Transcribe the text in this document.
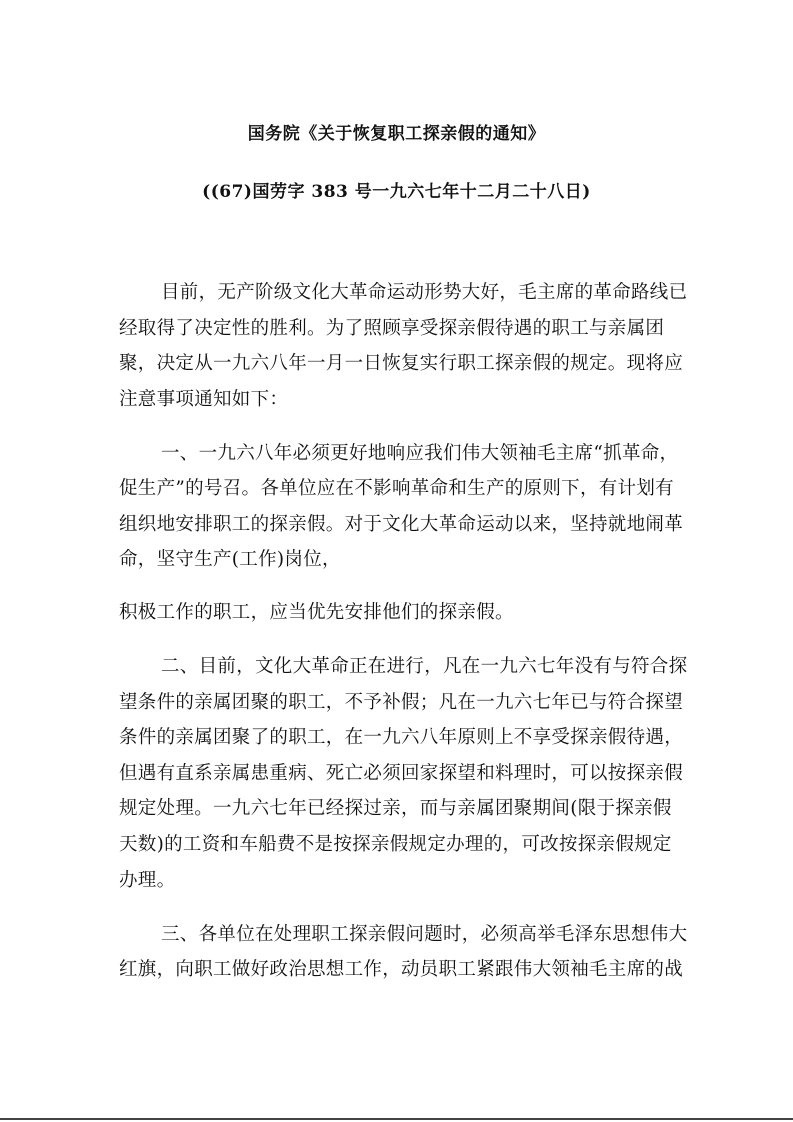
国务院《关于恢复职工探亲假的通知》
((67)国劳字 383 号一九六七年十二月二十八日)
目前，无产阶级文化大革命运动形势大好，毛主席的革命路线已
经取得了决定性的胜利。为了照顾享受探亲假待遇的职工与亲属团
聚，决定从一九六八年一月一日恢复实行职工探亲假的规定。现将应
注意事项通知如下：
一、一九六八年必须更好地响应我们伟大领袖毛主席“抓革命，
促生产”的号召。各单位应在不影响革命和生产的原则下，有计划有
组织地安排职工的探亲假。对于文化大革命运动以来，坚持就地闹革
命，坚守生产(工作)岗位，
积极工作的职工，应当优先安排他们的探亲假。
二、目前，文化大革命正在进行，凡在一九六七年没有与符合探
望条件的亲属团聚的职工，不予补假；凡在一九六七年已与符合探望
条件的亲属团聚了的职工，在一九六八年原则上不享受探亲假待遇，
但遇有直系亲属患重病、死亡必须回家探望和料理时，可以按探亲假
规定处理。一九六七年已经探过亲，而与亲属团聚期间(限于探亲假
天数)的工资和车船费不是按探亲假规定办理的，可改按探亲假规定
办理。
三、各单位在处理职工探亲假问题时，必须高举毛泽东思想伟大
红旗，向职工做好政治思想工作，动员职工紧跟伟大领袖毛主席的战
